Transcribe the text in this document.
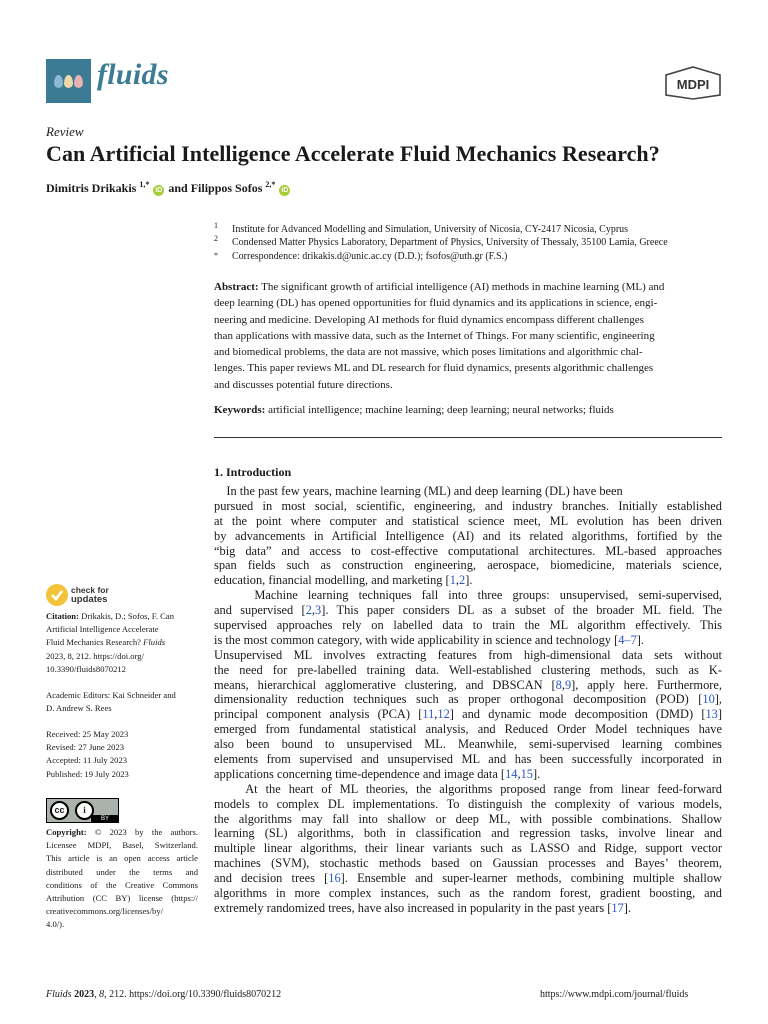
fluids	MDPI
Review
Can Artificial Intelligence Accelerate Fluid Mechanics Research?
Dimitris Drikakis $^{1,*}$ iD and Filippos Sofos $^{2,*}$ iD
1 Institute for Advanced Modelling and Simulation, University of Nicosia, CY-2417 Nicosia, Cyprus
2 Condensed Matter Physics Laboratory, Department of Physics, University of Thessaly, 35100 Lamia, Greece
* Correspondence: drikakis.d@unic.ac.cy (D.D.); fsofos@uth.gr (F.S.)
Abstract: The significant growth of artificial intelligence (AI) methods in machine learning (ML) and
deep learning (DL) has opened opportunities for fluid dynamics and its applications in science, engi-
neering and medicine. Developing AI methods for fluid dynamics encompass different challenges
than applications with massive data, such as the Internet of Things. For many scientific, engineering
and biomedical problems, the data are not massive, which poses limitations and algorithmic chal-
lenges. This paper reviews ML and DL research for fluid dynamics, presents algorithmic challenges
and discusses potential future directions.
Keywords: artificial intelligence; machine learning; deep learning; neural networks; fluids
1. Introduction
In the past few years, machine learning (ML) and deep learning (DL) have been
pursued in most social, scientific, engineering, and industry branches. Initially established
at the point where computer and statistical science meet, ML evolution has been driven
by advancements in Artificial Intelligence (AI) and its related algorithms, fortified by the
“big data” and access to cost-effective computational architectures. ML-based approaches
span fields such as construction engineering, aerospace, biomedicine, materials science,
education, financial modelling, and marketing [1,2].
Machine learning techniques fall into three groups: unsupervised, semi-supervised,
and supervised [2,3]. This paper considers DL as a subset of the broader ML field. The
supervised approaches rely on labelled data to train the ML algorithm effectively. This
is the most common category, with wide applicability in science and technology [4–7].
Unsupervised ML involves extracting features from high-dimensional data sets without
the need for pre-labelled training data. Well-established clustering methods, such as K-
means, hierarchical agglomerative clustering, and DBSCAN [8,9], apply here. Furthermore,
dimensionality reduction techniques such as proper orthogonal decomposition (POD) [10],
principal component analysis (PCA) [11,12] and dynamic mode decomposition (DMD) [13]
emerged from fundamental statistical analysis, and Reduced Order Model techniques have
also been bound to unsupervised ML. Meanwhile, semi-supervised learning combines
elements from supervised and unsupervised ML and has been successfully incorporated in
applications concerning time-dependence and image data [14,15].
At the heart of ML theories, the algorithms proposed range from linear feed-forward
models to complex DL implementations. To distinguish the complexity of various models,
the algorithms may fall into shallow or deep ML, with possible combinations. Shallow
learning (SL) algorithms, both in classification and regression tasks, involve linear and
multiple linear algorithms, their linear variants such as LASSO and Ridge, support vector
machines (SVM), stochastic methods based on Gaussian processes and Bayes’ theorem,
and decision trees [16]. Ensemble and super-learner methods, combining multiple shallow
algorithms in more complex instances, such as the random forest, gradient boosting, and
extremely randomized trees, have also increased in popularity in the past years [17].
check for
updates
Citation: Drikakis, D.; Sofos, F. Can
Artificial Intelligence Accelerate
Fluid Mechanics Research? Fluids
2023, 8, 212. https://doi.org/
10.3390/fluids8070212
Academic Editors: Kai Schneider and
D. Andrew S. Rees
Received: 25 May 2023
Revised: 27 June 2023
Accepted: 11 July 2023
Published: 19 July 2023
cc	i
BY
Copyright: © 2023 by the authors.
Licensee MDPI, Basel, Switzerland.
This article is an open access article
distributed under the terms and
conditions of the Creative Commons
Attribution (CC BY) license (https://
creativecommons.org/licenses/by/
4.0/).
Fluids 2023, 8, 212. https://doi.org/10.3390/fluids8070212	https://www.mdpi.com/journal/fluids
